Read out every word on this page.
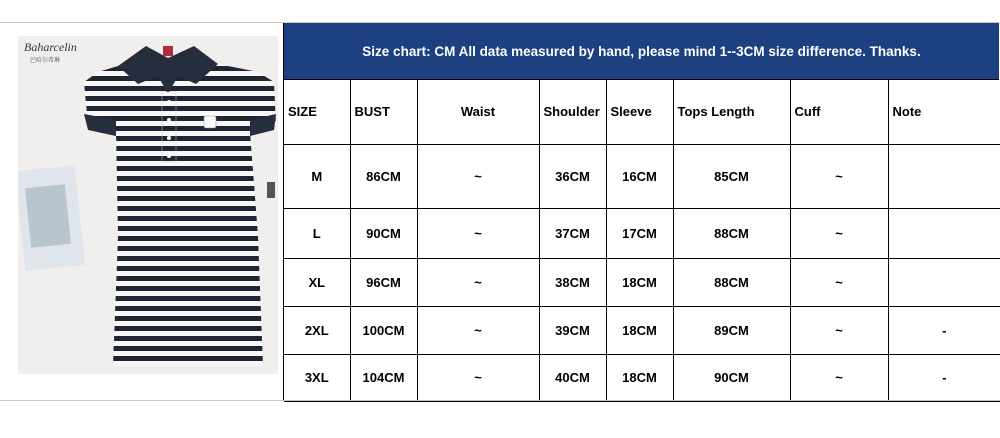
Baharcelin
巴哈尔希琳
Size chart: CM All data measured by hand, please mind 1--3CM size difference. Thanks.
SIZE	BUST	Waist	Shoulder	Sleeve	Tops Length	Cuff	Note
M	86CM	~	36CM	16CM	85CM	~	
L	90CM	~	37CM	17CM	88CM	~	
XL	96CM	~	38CM	18CM	88CM	~	
2XL	100CM	~	39CM	18CM	89CM	~	-
3XL	104CM	~	40CM	18CM	90CM	~	-
